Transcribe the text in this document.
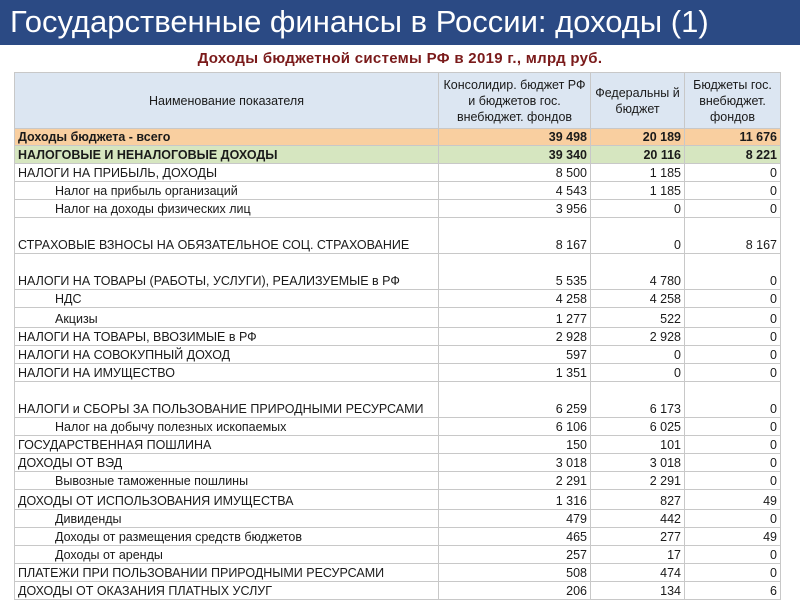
Государственные финансы в России: доходы (1)
Доходы бюджетной системы РФ в 2019 г., млрд руб.
Наименование показателя	Консолидир. бюджет РФ и бюджетов гос. внебюджет. фондов	Федеральны й бюджет	Бюджеты гос. внебюджет. фондов
Доходы бюджета - всего	39 498	20 189	11 676
НАЛОГОВЫЕ И НЕНАЛОГОВЫЕ ДОХОДЫ	39 340	20 116	8 221
НАЛОГИ НА ПРИБЫЛЬ, ДОХОДЫ	8 500	1 185	0
Налог на прибыль организаций	4 543	1 185	0
Налог на доходы физических лиц	3 956	0	0
СТРАХОВЫЕ ВЗНОСЫ НА ОБЯЗАТЕЛЬНОЕ СОЦ. СТРАХОВАНИЕ	8 167	0	8 167
НАЛОГИ НА ТОВАРЫ (РАБОТЫ, УСЛУГИ), РЕАЛИЗУЕМЫЕ в РФ	5 535	4 780	0
НДС	4 258	4 258	0
Акцизы	1 277	522	0
НАЛОГИ НА ТОВАРЫ, ВВОЗИМЫЕ в РФ	2 928	2 928	0
НАЛОГИ НА СОВОКУПНЫЙ ДОХОД	597	0	0
НАЛОГИ НА ИМУЩЕСТВО	1 351	0	0
НАЛОГИ и СБОРЫ ЗА ПОЛЬЗОВАНИЕ ПРИРОДНЫМИ РЕСУРСАМИ	6 259	6 173	0
Налог на добычу полезных ископаемых	6 106	6 025	0
ГОСУДАРСТВЕННАЯ ПОШЛИНА	150	101	0
ДОХОДЫ ОТ ВЭД	3 018	3 018	0
Вывозные таможенные пошлины	2 291	2 291	0
ДОХОДЫ ОТ ИСПОЛЬЗОВАНИЯ ИМУЩЕСТВА	1 316	827	49
Дивиденды	479	442	0
Доходы от размещения средств бюджетов	465	277	49
Доходы от аренды	257	17	0
ПЛАТЕЖИ ПРИ ПОЛЬЗОВАНИИ ПРИРОДНЫМИ РЕСУРСАМИ	508	474	0
ДОХОДЫ ОТ ОКАЗАНИЯ ПЛАТНЫХ УСЛУГ	206	134	6
